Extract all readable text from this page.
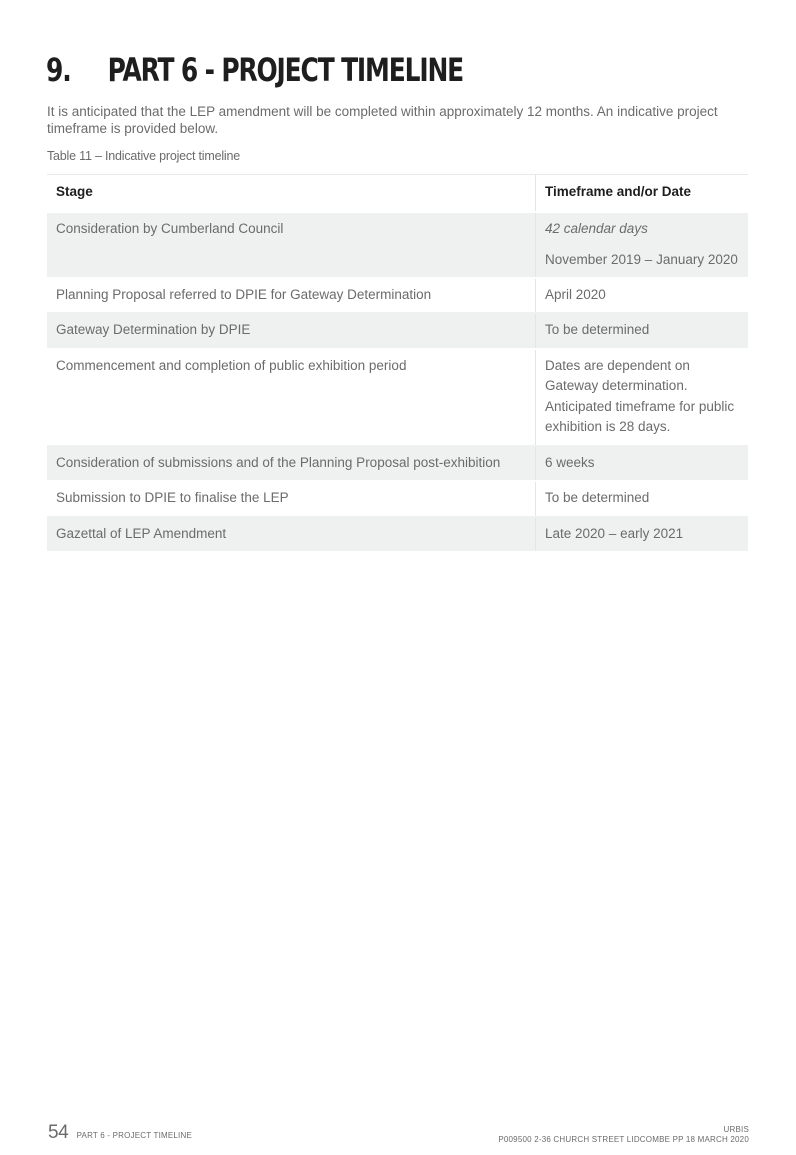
9. PART 6 - PROJECT TIMELINE

It is anticipated that the LEP amendment will be completed within approximately 12 months. An indicative project timeframe is provided below.

Table 11 – Indicative project timeline

Stage	Timeframe and/or Date
Consideration by Cumberland Council	42 calendar days
November 2019 – January 2020

Planning Proposal referred to DPIE for Gateway Determination	April 2020
Gateway Determination by DPIE	To be determined
Commencement and completion of public exhibition period	Dates are dependent on Gateway determination. Anticipated timeframe for public exhibition is 28 days.
Consideration of submissions and of the Planning Proposal post-exhibition	6 weeks
Submission to DPIE to finalise the LEP	To be determined
Gazettal of LEP Amendment	Late 2020 – early 2021
54 PART 6 - PROJECT TIMELINE
URBIS
P009500 2-36 CHURCH STREET LIDCOMBE PP 18 MARCH 2020
